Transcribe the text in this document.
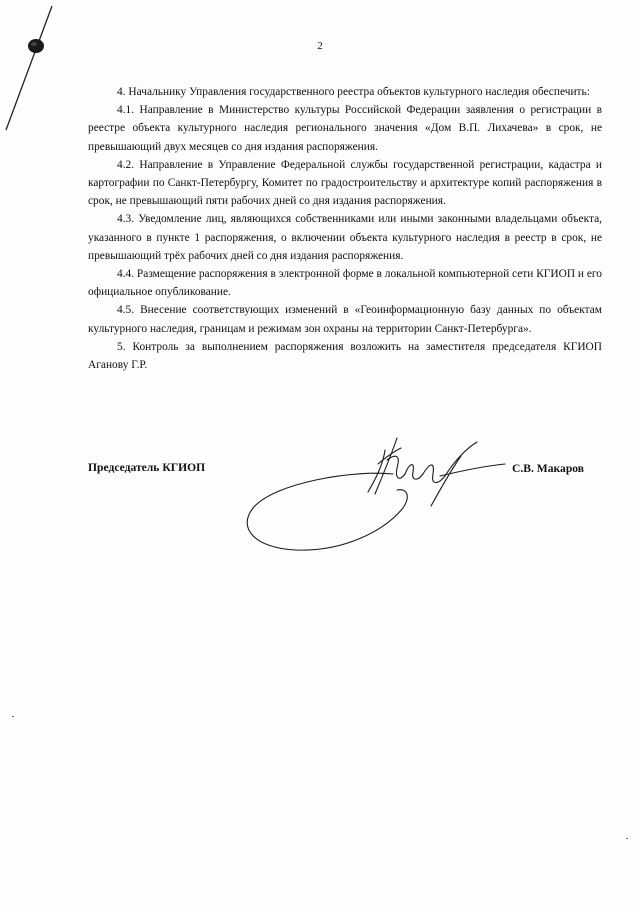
2

4. Начальнику Управления государственного реестра объектов культурного наследия обеспечить:

4.1. Направление в Министерство культуры Российской Федерации заявления о регистрации в реестре объекта культурного наследия регионального значения «Дом В.П. Лихачева» в срок, не превышающий двух месяцев со дня издания распоряжения.

4.2. Направление в Управление Федеральной службы государственной регистрации, кадастра и картографии по Санкт-Петербургу, Комитет по градостроительству и архитектуре копий распоряжения в срок, не превышающий пяти рабочих дней со дня издания распоряжения.

4.3. Уведомление лиц, являющихся собственниками или иными законными владельцами объекта, указанного в пункте 1 распоряжения, о включении объекта культурного наследия в реестр в срок, не превышающий трёх рабочих дней со дня издания распоряжения.

4.4. Размещение распоряжения в электронной форме в локальной компьютерной сети КГИОП и его официальное опубликование.

4.5. Внесение соответствующих изменений в «Геоинформационную базу данных по объектам культурного наследия, границам и режимам зон охраны на территории Санкт-Петербурга».

5. Контроль за выполнением распоряжения возложить на заместителя председателя КГИОП Аганову Г.Р.

Председатель КГИОП	С.В. Макаров
